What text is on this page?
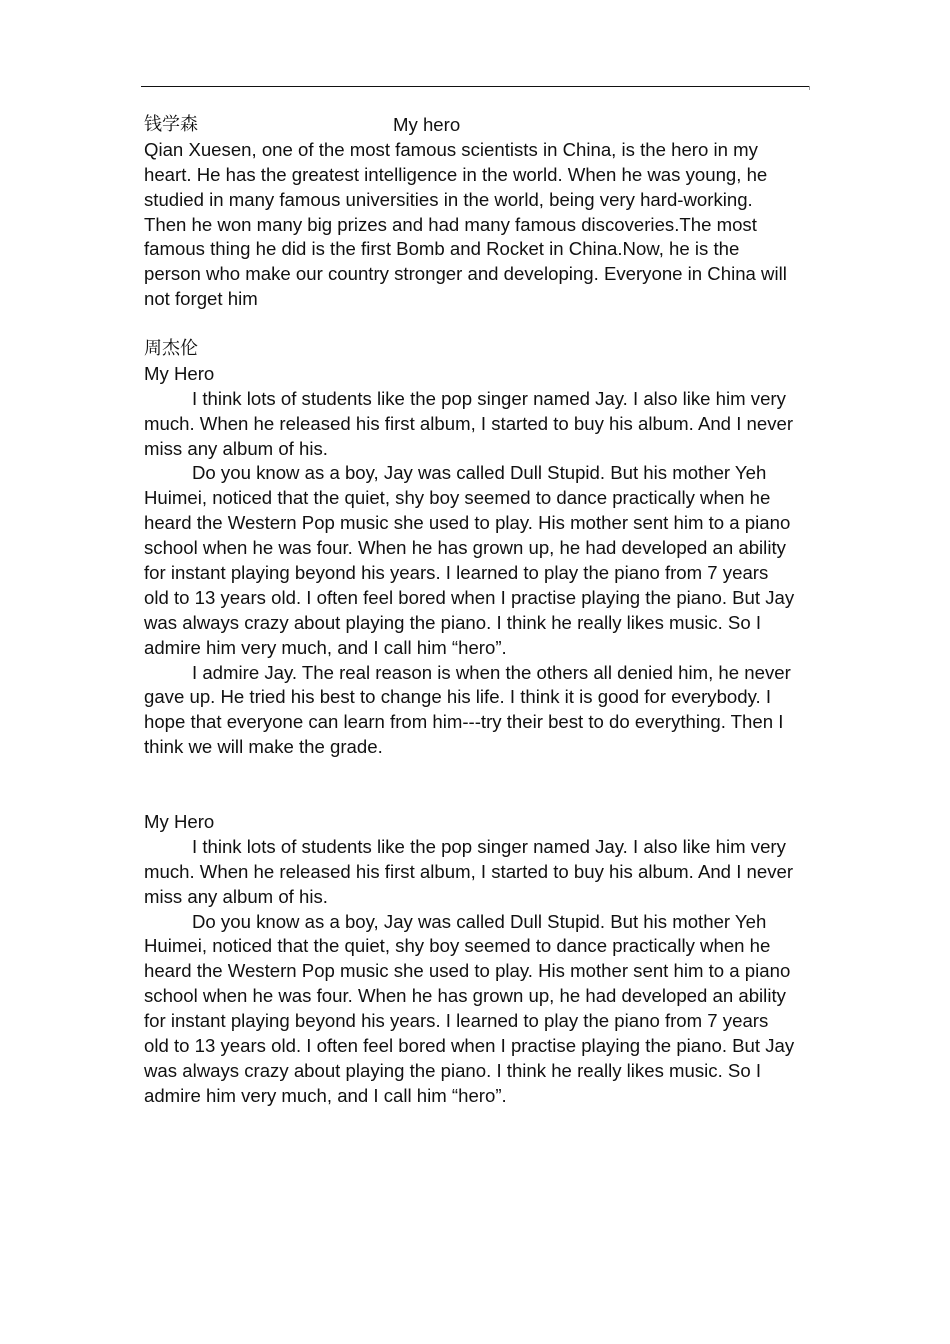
钱学森	My hero
Qian Xuesen, one of the most famous scientists in China, is the hero in my
heart. He has the greatest intelligence in the world. When he was young, he
studied in many famous universities in the world, being very hard-working.
Then he won many big prizes and had many famous discoveries.The most
famous thing he did is the first Bomb and Rocket in China.Now, he is the
person who make our country stronger and developing. Everyone in China will
not forget him
周杰伦
My Hero
I think lots of students like the pop singer named Jay. I also like him very
much. When he released his first album, I started to buy his album. And I never
miss any album of his.
Do you know as a boy, Jay was called Dull Stupid. But his mother Yeh
Huimei, noticed that the quiet, shy boy seemed to dance practically when he
heard the Western Pop music she used to play. His mother sent him to a piano
school when he was four. When he has grown up, he had developed an ability
for instant playing beyond his years. I learned to play the piano from 7 years
old to 13 years old. I often feel bored when I practise playing the piano. But Jay
was always crazy about playing the piano. I think he really likes music. So I
admire him very much, and I call him “hero”.
I admire Jay. The real reason is when the others all denied him, he never
gave up. He tried his best to change his life. I think it is good for everybody. I
hope that everyone can learn from him---try their best to do everything. Then I
think we will make the grade.
My Hero
I think lots of students like the pop singer named Jay. I also like him very
much. When he released his first album, I started to buy his album. And I never
miss any album of his.
Do you know as a boy, Jay was called Dull Stupid. But his mother Yeh
Huimei, noticed that the quiet, shy boy seemed to dance practically when he
heard the Western Pop music she used to play. His mother sent him to a piano
school when he was four. When he has grown up, he had developed an ability
for instant playing beyond his years. I learned to play the piano from 7 years
old to 13 years old. I often feel bored when I practise playing the piano. But Jay
was always crazy about playing the piano. I think he really likes music. So I
admire him very much, and I call him “hero”.
